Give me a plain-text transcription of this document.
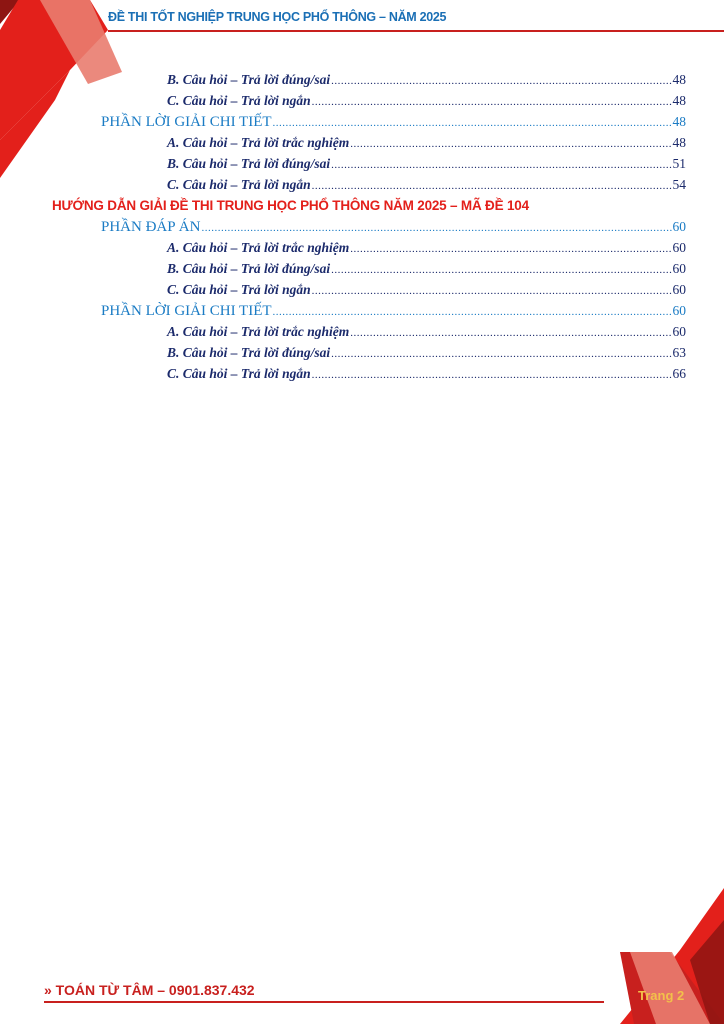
ĐỀ THI TỐT NGHIỆP TRUNG HỌC PHỔ THÔNG – NĂM 2025
B. Câu hỏi – Trả lời đúng/sai .....	48
C. Câu hỏi – Trả lời ngắn .....	48
PHẦN LỜI GIẢI CHI TIẾT .....	48
A. Câu hỏi – Trả lời trắc nghiệm .....	48
B. Câu hỏi – Trả lời đúng/sai .....	51
C. Câu hỏi – Trả lời ngắn .....	54
HƯỚNG DẪN GIẢI ĐỀ THI TRUNG HỌC PHỔ THÔNG NĂM 2025 – MÃ ĐỀ 104
PHẦN ĐÁP ÁN .....	60
A. Câu hỏi – Trả lời trắc nghiệm .....	60
B. Câu hỏi – Trả lời đúng/sai .....	60
C. Câu hỏi – Trả lời ngắn .....	60
PHẦN LỜI GIẢI CHI TIẾT .....	60
A. Câu hỏi – Trả lời trắc nghiệm .....	60
B. Câu hỏi – Trả lời đúng/sai .....	63
C. Câu hỏi – Trả lời ngắn .....	66
» TOÁN TỪ TÂM – 0901.837.432	Trang 2
